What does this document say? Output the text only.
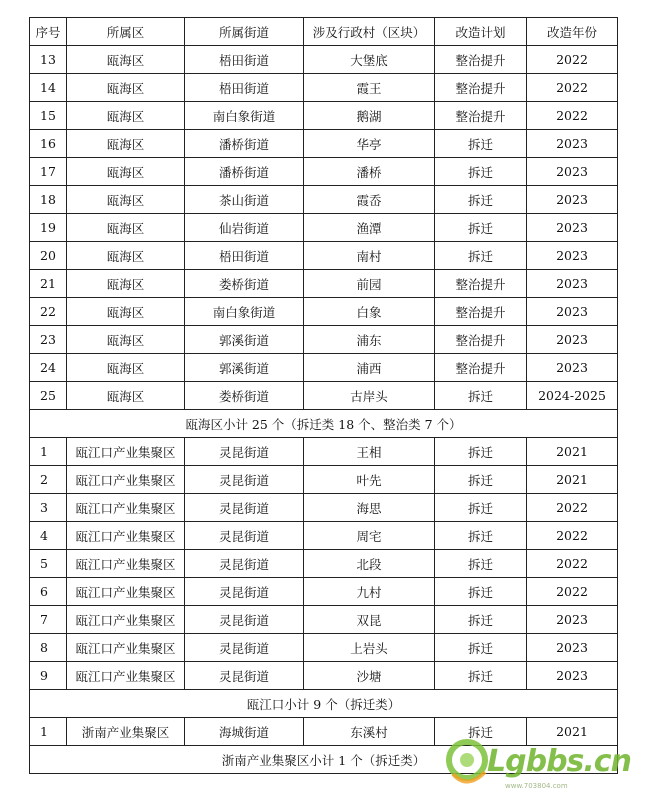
序号	所属区	所属街道	涉及行政村（区块）	改造计划	改造年份
13	瓯海区	梧田街道	大堡底	整治提升	2022
14	瓯海区	梧田街道	霞王	整治提升	2022
15	瓯海区	南白象街道	鹅湖	整治提升	2022
16	瓯海区	潘桥街道	华亭	拆迁	2023
17	瓯海区	潘桥街道	潘桥	拆迁	2023
18	瓯海区	茶山街道	霞岙	拆迁	2023
19	瓯海区	仙岩街道	渔潭	拆迁	2023
20	瓯海区	梧田街道	南村	拆迁	2023
21	瓯海区	娄桥街道	前园	整治提升	2023
22	瓯海区	南白象街道	白象	整治提升	2023
23	瓯海区	郭溪街道	浦东	整治提升	2023
24	瓯海区	郭溪街道	浦西	整治提升	2023
25	瓯海区	娄桥街道	古岸头	拆迁	2024-2025
瓯海区小计 25 个（拆迁类 18 个、整治类 7 个）					
1	瓯江口产业集聚区	灵昆街道	王相	拆迁	2021
2	瓯江口产业集聚区	灵昆街道	叶先	拆迁	2021
3	瓯江口产业集聚区	灵昆街道	海思	拆迁	2022
4	瓯江口产业集聚区	灵昆街道	周宅	拆迁	2022
5	瓯江口产业集聚区	灵昆街道	北段	拆迁	2022
6	瓯江口产业集聚区	灵昆街道	九村	拆迁	2022
7	瓯江口产业集聚区	灵昆街道	双昆	拆迁	2023
8	瓯江口产业集聚区	灵昆街道	上岩头	拆迁	2023
9	瓯江口产业集聚区	灵昆街道	沙塘	拆迁	2023
瓯江口小计 9 个（拆迁类）					
1	浙南产业集聚区	海城街道	东溪村	拆迁	2021
浙南产业集聚区小计 1 个（拆迁类）					Lgbbs.cn
www.703804.com
